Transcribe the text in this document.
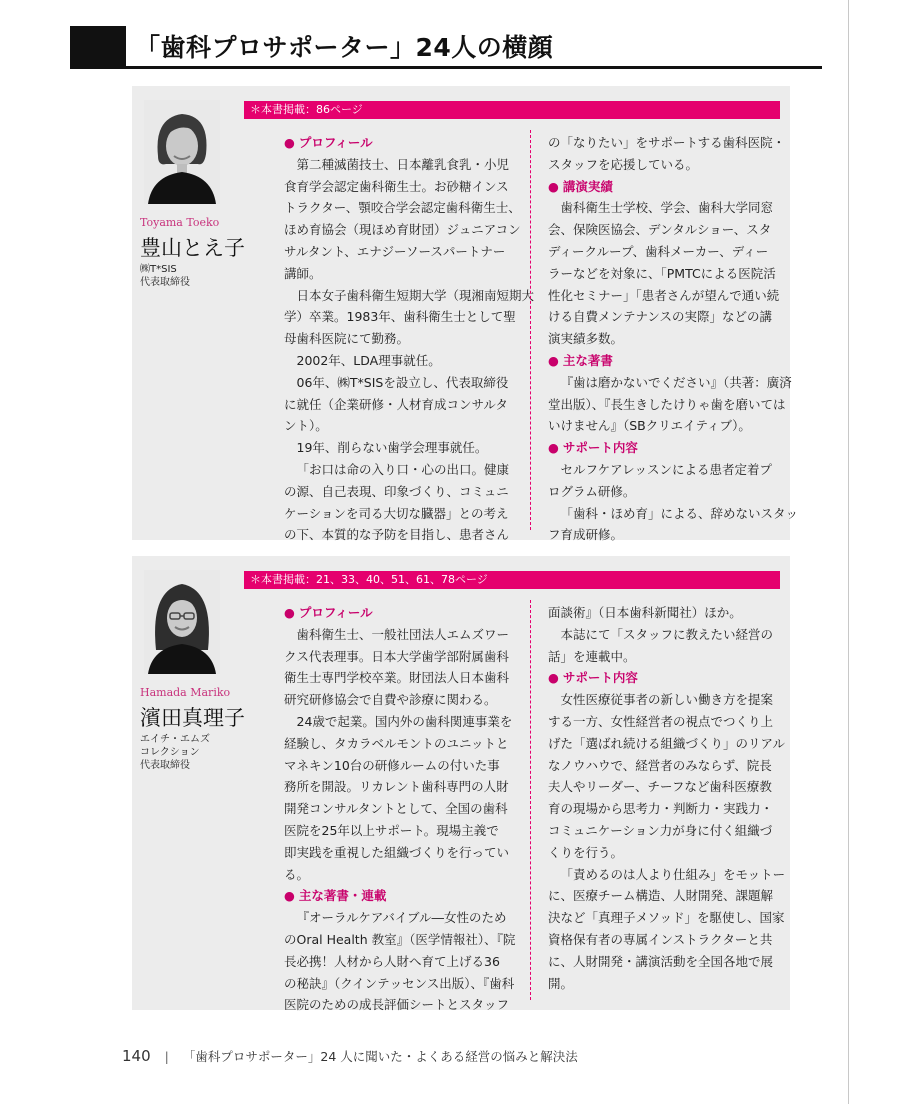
「歯科プロサポーター」24人の横顔
Toyama Toeko
豊山とえ子
㈱T*SIS
代表取締役
＊本書掲載：86ページ
● プロフィール
第二種滅菌技士、日本離乳食乳・小児
食育学会認定歯科衛生士。お砂糖インス
トラクター、顎咬合学会認定歯科衛生士、
ほめ育協会（現ほめ育財団）ジュニアコン
サルタント、エナジーソースパートナー
講師。
日本女子歯科衛生短期大学（現湘南短期大
学）卒業。1983年、歯科衛生士として聖
母歯科医院にて勤務。
2002年、LDA理事就任。
06年、㈱T*SISを設立し、代表取締役
に就任（企業研修・人材育成コンサルタ
ント）。
19年、削らない歯学会理事就任。
「お口は命の入り口・心の出口。健康
の源、自己表現、印象づくり、コミュニ
ケーションを司る大切な臓器」との考え
の下、本質的な予防を目指し、患者さん
の「なりたい」をサポートする歯科医院・
スタッフを応援している。
● 講演実績
歯科衛生士学校、学会、歯科大学同窓
会、保険医協会、デンタルショー、スタ
ディークループ、歯科メーカー、ディー
ラーなどを対象に、「PMTCによる医院活
性化セミナー」「患者さんが望んで通い続
ける自費メンテナンスの実際」などの講
演実績多数。
● 主な著書
『歯は磨かないでください』（共著：廣済
堂出版）、『長生きしたけりゃ歯を磨いては
いけません』（SBクリエイティブ）。
● サポート内容
セルフケアレッスンによる患者定着プ
ログラム研修。
「歯科・ほめ育」による、辞めないスタッ
フ育成研修。
Hamada Mariko
濱田真理子
エイチ・エムズ
コレクション
代表取締役
＊本書掲載：21、33、40、51、61、78ページ
● プロフィール
歯科衛生士、一般社団法人エムズワー
クス代表理事。日本大学歯学部附属歯科
衛生士専門学校卒業。財団法人日本歯科
研究研修協会で自費や診療に関わる。
24歳で起業。国内外の歯科関連事業を
経験し、タカラベルモントのユニットと
マネキン10台の研修ルームの付いた事
務所を開設。リカレント歯科専門の人財
開発コンサルタントとして、全国の歯科
医院を25年以上サポート。現場主義で
即実践を重視した組織づくりを行ってい
る。
● 主な著書・連載
『オーラルケアバイブル―女性のため
のOral Health 教室』（医学情報社）、『院
長必携！人材から人財へ育て上げる36
の秘訣』（クインテッセンス出版）、『歯科
医院のための成長評価シートとスタッフ
面談術』（日本歯科新聞社）ほか。
本誌にて「スタッフに教えたい経営の
話」を連載中。
● サポート内容
女性医療従事者の新しい働き方を提案
する一方、女性経営者の視点でつくり上
げた「選ばれ続ける組織づくり」のリアル
なノウハウで、経営者のみならず、院長
夫人やリーダー、チーフなど歯科医療教
育の現場から思考力・判断力・実践力・
コミュニケーション力が身に付く組織づ
くりを行う。
「責めるのは人より仕組み」をモットー
に、医療チーム構造、人財開発、課題解
決など「真理子メソッド」を駆使し、国家
資格保有者の専属インストラクターと共
に、人財開発・講演活動を全国各地で展
開。
140 | 「歯科プロサポーター」24 人に聞いた・よくある経営の悩みと解決法
